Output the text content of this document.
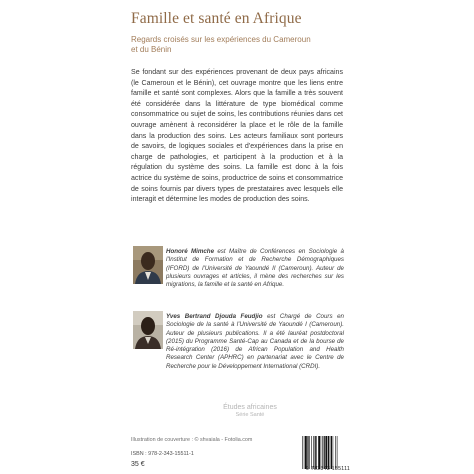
Famille et santé en Afrique
Regards croisés sur les expériences du Cameroun
et du Bénin
Se fondant sur des expériences provenant de deux pays africains (le Cameroun et le Bénin), cet ouvrage montre que les liens entre famille et santé sont complexes. Alors que la famille a très souvent été considérée dans la littérature de type biomédical comme consommatrice ou sujet de soins, les contributions réunies dans cet ouvrage amènent à reconsidérer la place et le rôle de la famille dans la production des soins. Les acteurs familiaux sont porteurs de savoirs, de logiques sociales et d'expériences dans la prise en charge de pathologies, et participent à la production et à la régulation du système des soins. La famille est donc à la fois actrice du système de soins, productrice de soins et consommatrice de soins fournis par divers types de prestataires avec lesquels elle interagit et détermine les modes de production des soins.
Honoré Mimche est Maître de Conférences en Sociologie à l'Institut de Formation et de Recherche Démographiques (IFORD) de l'Université de Yaoundé II (Cameroun). Auteur de plusieurs ouvrages et articles, il mène des recherches sur les migrations, la famille et la santé en Afrique.
Yves Bertrand Djouda Feudjio est Chargé de Cours en Sociologie de la santé à l'Université de Yaoundé I (Cameroun). Auteur de plusieurs publications. Il a été lauréat postdoctoral (2015) du Programme Santé-Cap au Canada et de la bourse de Ré-intégration (2016) de African Population and Health Research Center (APHRC) en partenariat avec le Centre de Recherche pour le Développement International (CRDI).
Études africaines
Série Santé
Illustration de couverture : © shvaiala - Fotolia.com
ISBN : 978-2-343-15511-1
35 €
9 782343 155111
